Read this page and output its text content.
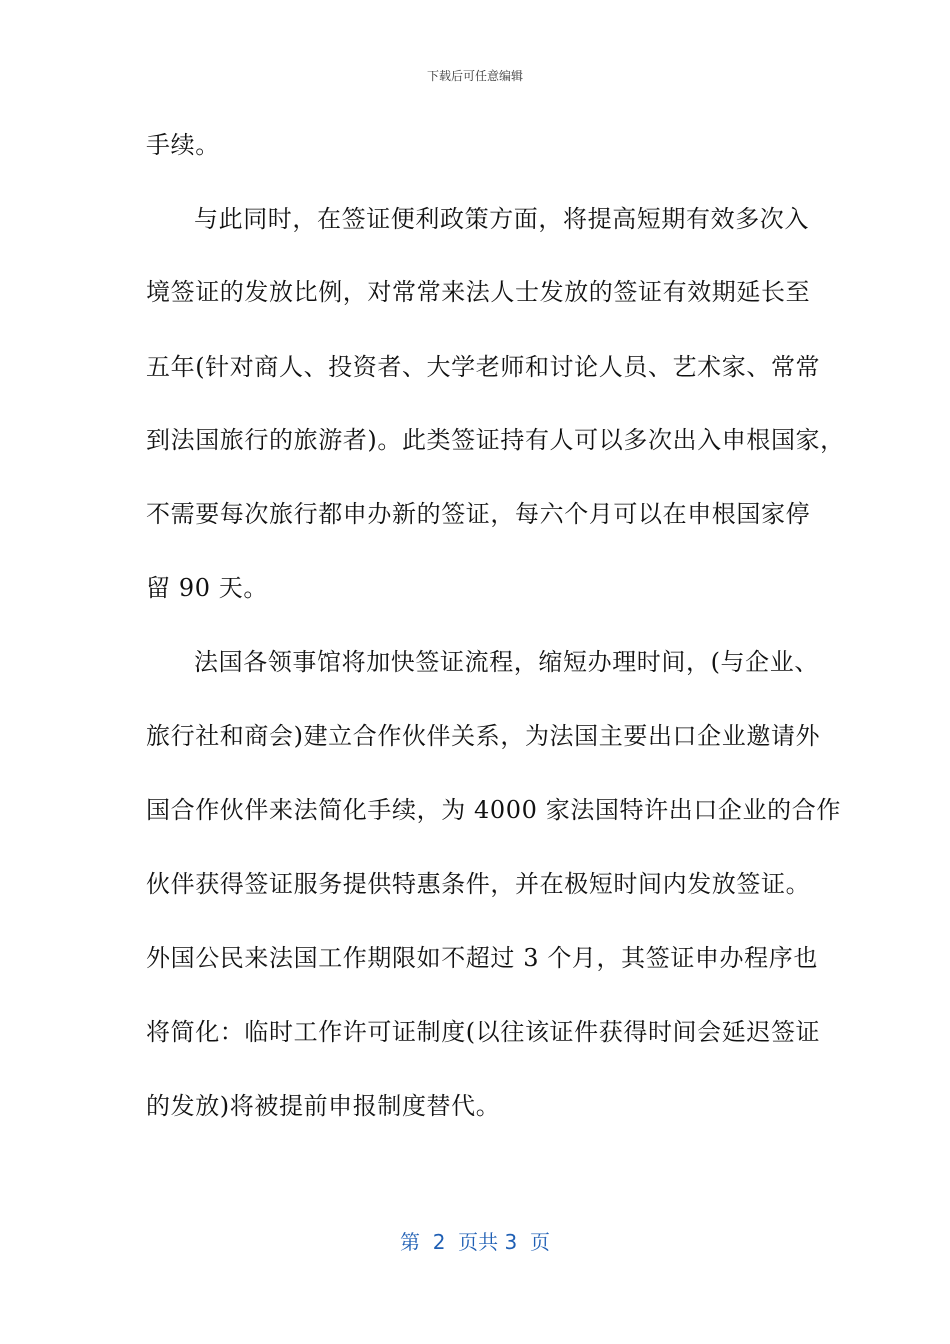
下载后可任意编辑
手续。
与此同时，在签证便利政策方面，将提高短期有效多次入
境签证的发放比例，对常常来法人士发放的签证有效期延长至
五年(针对商人、投资者、大学老师和讨论人员、艺术家、常常
到法国旅行的旅游者)。此类签证持有人可以多次出入申根国家，
不需要每次旅行都申办新的签证，每六个月可以在申根国家停
留 90 天。
法国各领事馆将加快签证流程，缩短办理时间，(与企业、
旅行社和商会)建立合作伙伴关系，为法国主要出口企业邀请外
国合作伙伴来法简化手续，为 4000 家法国特许出口企业的合作
伙伴获得签证服务提供特惠条件，并在极短时间内发放签证。
外国公民来法国工作期限如不超过 3 个月，其签证申办程序也
将简化：临时工作许可证制度(以往该证件获得时间会延迟签证
的发放)将被提前申报制度替代。
第  2  页共 3  页
